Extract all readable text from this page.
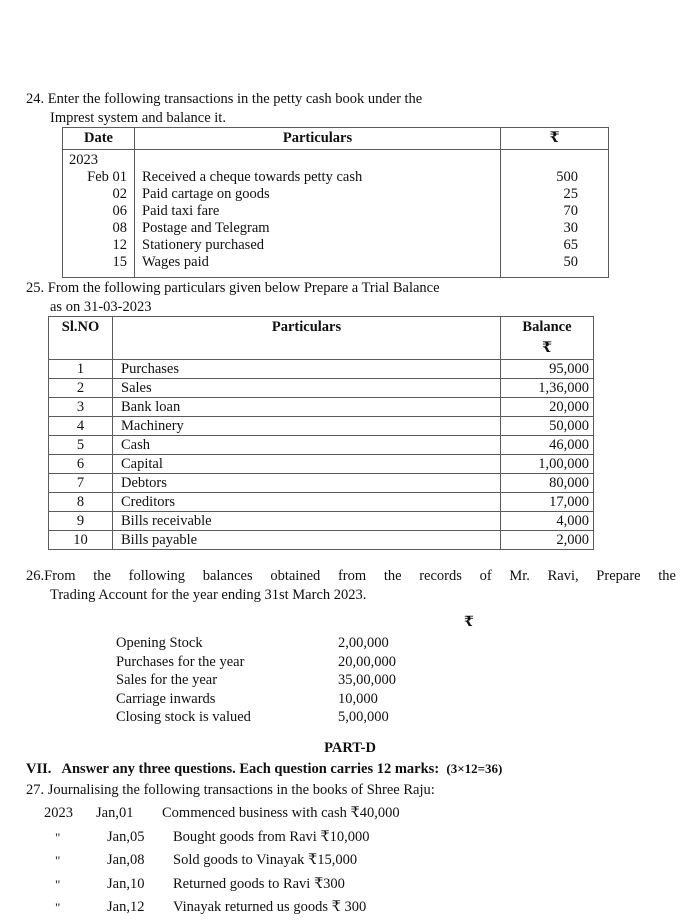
24. Enter the following transactions in the petty cash book under the
Imprest system and balance it.
Date	Particulars	₹
2023		
Feb 01	Received a cheque towards petty cash	500
02	Paid cartage on goods	25
06	Paid taxi fare	70
08	Postage and Telegram	30
12	Stationery purchased	65
15	Wages paid	50
25. From the following particulars given below Prepare a Trial Balance
as on 31-03-2023
Sl.NO	Particulars	Balance
₹

1	Purchases	95,000
2	Sales	1,36,000
3	Bank loan	20,000
4	Machinery	50,000
5	Cash	46,000
6	Capital	1,00,000
7	Debtors	80,000
8	Creditors	17,000
9	Bills receivable	4,000
10	Bills payable	2,000
26.From the following balances obtained from the records of Mr. Ravi, Prepare the
Trading Account for the year ending 31st March 2023.
₹
Opening Stock	2,00,000
Purchases for the year	20,00,000
Sales for the year	35,00,000
Carriage inwards	10,000
Closing stock is valued	5,00,000
PART-D
VII. Answer any three questions. Each question carries 12 marks: (3×12=36)
27. Journalising the following transactions in the books of Shree Raju:
2023	Jan,01	Commenced business with cash ₹40,000
"	Jan,05	Bought goods from Ravi ₹10,000
"	Jan,08	Sold goods to Vinayak ₹15,000
"	Jan,10	Returned goods to Ravi ₹300
"	Jan,12	Vinayak returned us goods ₹ 300
